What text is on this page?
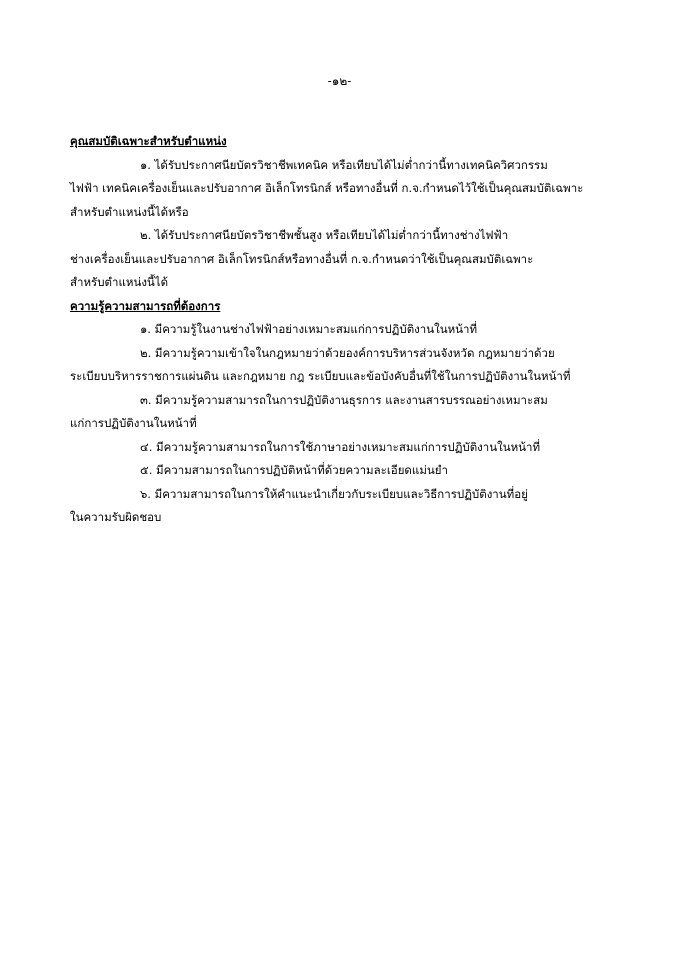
-๑๒-

คุณสมบัติเฉพาะสำหรับตำแหน่ง

๑. ได้รับประกาศนียบัตรวิชาชีพเทคนิค หรือเทียบได้ไม่ต่ำกว่านี้ทางเทคนิควิศวกรรม
ไฟฟ้า เทคนิคเครื่องเย็นและปรับอากาศ อิเล็กโทรนิกส์ หรือทางอื่นที่ ก.จ.กำหนดไว้ใช้เป็นคุณสมบัติเฉพาะ
สำหรับตำแหน่งนี้ได้หรือ
๒. ได้รับประกาศนียบัตรวิชาชีพชั้นสูง หรือเทียบได้ไม่ต่ำกว่านี้ทางช่างไฟฟ้า
ช่างเครื่องเย็นและปรับอากาศ อิเล็กโทรนิกส์หรือทางอื่นที่ ก.จ.กำหนดว่าใช้เป็นคุณสมบัติเฉพาะ
สำหรับตำแหน่งนี้ได้

ความรู้ความสามารถที่ต้องการ

๑. มีความรู้ในงานช่างไฟฟ้าอย่างเหมาะสมแก่การปฏิบัติงานในหน้าที่
๒. มีความรู้ความเข้าใจในกฎหมายว่าด้วยองค์การบริหารส่วนจังหวัด กฎหมายว่าด้วย
ระเบียบบริหารราชการแผ่นดิน และกฎหมาย กฎ ระเบียบและข้อบังคับอื่นที่ใช้ในการปฏิบัติงานในหน้าที่
๓. มีความรู้ความสามารถในการปฏิบัติงานธุรการ และงานสารบรรณอย่างเหมาะสม
แก่การปฏิบัติงานในหน้าที่
๔. มีความรู้ความสามารถในการใช้ภาษาอย่างเหมาะสมแก่การปฏิบัติงานในหน้าที่
๕. มีความสามารถในการปฏิบัติหน้าที่ด้วยความละเอียดแม่นยำ
๖. มีความสามารถในการให้คำแนะนำเกี่ยวกับระเบียบและวิธีการปฏิบัติงานที่อยู่
ในความรับผิดชอบ
